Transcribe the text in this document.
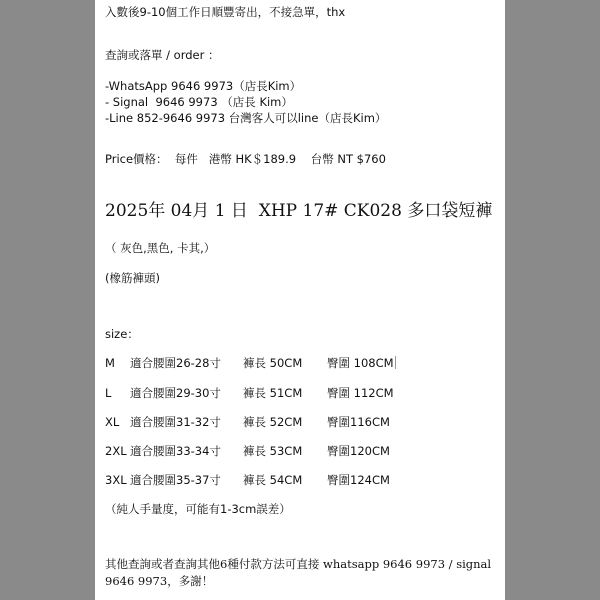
入數後9-10個工作日順豐寄出，不接急單，thx
查詢或落單 / order ：
-WhatsApp 9646 9973（店長Kim）
- Signal  9646 9973 （店長 Kim）
-Line 852-9646 9973 台灣客人可以line（店長Kim）
Price價格：  每件   港幣 HK＄189.9    台幣 NT $760
2025年 04月 1 日  XHP 17# CK028 多口袋短褲
（ 灰色,黑色, 卡其,）
(橡筋褲頭)
size：

M

適合腰圍26-28寸

褲長 50CM

臀圍 108CM

L

適合腰圍29-30寸

褲長 51CM

臀圍 112CM

XL

適合腰圍31-32寸

褲長 52CM

臀圍116CM

2XL

適合腰圍33-34寸

褲長 53CM

臀圍120CM

3XL

適合腰圍35-37寸

褲長 54CM

臀圍124CM

（純人手量度，可能有1-3cm誤差）
其他查詢或者查詢其他6種付款方法可直接 whatsapp 9646 9973 / signal 9646 9973，多謝！
